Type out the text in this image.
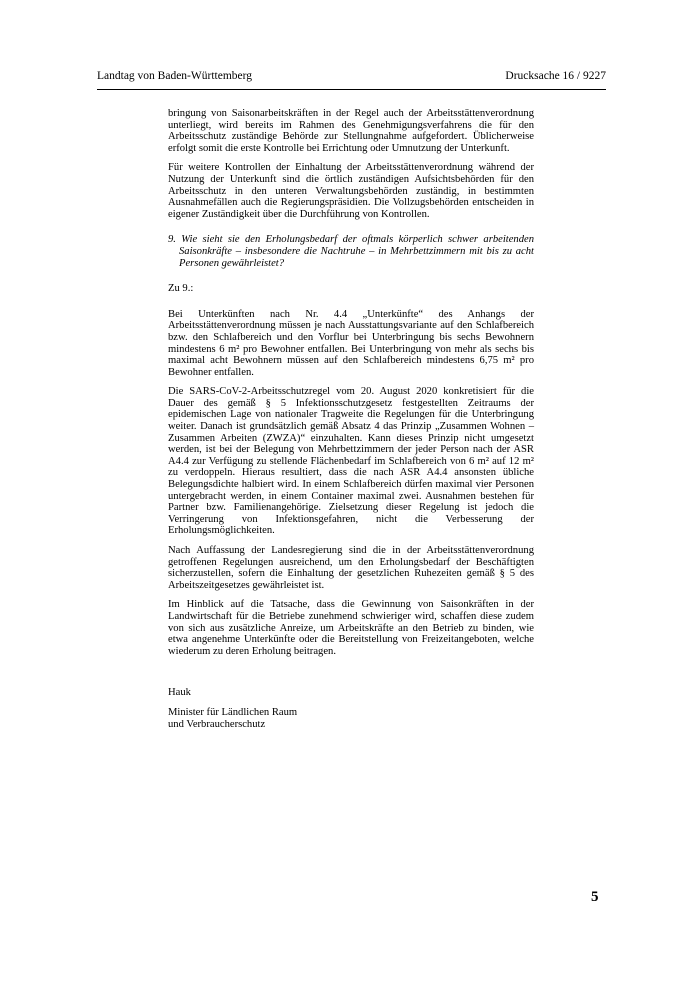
Landtag von Baden-Württemberg	Drucksache 16 / 9227

bringung von Saisonarbeitskräften in der Regel auch der Arbeitsstättenverordnung unterliegt, wird bereits im Rahmen des Genehmigungsverfahrens die für den Arbeitsschutz zuständige Behörde zur Stellungnahme aufgefordert. Üblicherweise erfolgt somit die erste Kontrolle bei Errichtung oder Umnutzung der Unterkunft.

Für weitere Kontrollen der Einhaltung der Arbeitsstättenverordnung während der Nutzung der Unterkunft sind die örtlich zuständigen Aufsichtsbehörden für den Arbeitsschutz in den unteren Verwaltungsbehörden zuständig, in bestimmten Ausnahmefällen auch die Regierungspräsidien. Die Vollzugsbehörden entscheiden in eigener Zuständigkeit über die Durchführung von Kontrollen.

9. Wie sieht sie den Erholungsbedarf der oftmals körperlich schwer arbeitenden Saisonkräfte – insbesondere die Nachtruhe – in Mehrbettzimmern mit bis zu acht Personen gewährleistet?

Zu 9.:

Bei Unterkünften nach Nr. 4.4 „Unterkünfte“ des Anhangs der Arbeitsstättenverordnung müssen je nach Ausstattungsvariante auf den Schlafbereich bzw. den Schlafbereich und den Vorflur bei Unterbringung bis sechs Bewohnern mindestens 6 m² pro Bewohner entfallen. Bei Unterbringung von mehr als sechs bis maximal acht Bewohnern müssen auf den Schlafbereich mindestens 6,75 m² pro Bewohner entfallen.

Die SARS-CoV-2-Arbeitsschutzregel vom 20. August 2020 konkretisiert für die Dauer des gemäß § 5 Infektionsschutzgesetz festgestellten Zeitraums der epidemischen Lage von nationaler Tragweite die Regelungen für die Unterbringung weiter. Danach ist grundsätzlich gemäß Absatz 4 das Prinzip „Zusammen Wohnen – Zusammen Arbeiten (ZWZA)“ einzuhalten. Kann dieses Prinzip nicht umgesetzt werden, ist bei der Belegung von Mehrbettzimmern der jeder Person nach der ASR A4.4 zur Verfügung zu stellende Flächenbedarf im Schlafbereich von 6 m² auf 12 m² zu verdoppeln. Hieraus resultiert, dass die nach ASR A4.4 ansonsten übliche Belegungsdichte halbiert wird. In einem Schlafbereich dürfen maximal vier Personen untergebracht werden, in einem Container maximal zwei. Ausnahmen bestehen für Partner bzw. Familienangehörige. Zielsetzung dieser Regelung ist jedoch die Verringerung von Infektionsgefahren, nicht die Verbesserung der Erholungsmöglichkeiten.

Nach Auffassung der Landesregierung sind die in der Arbeitsstättenverordnung getroffenen Regelungen ausreichend, um den Erholungsbedarf der Beschäftigten sicherzustellen, sofern die Einhaltung der gesetzlichen Ruhezeiten gemäß § 5 des Arbeitszeitgesetzes gewährleistet ist.

Im Hinblick auf die Tatsache, dass die Gewinnung von Saisonkräften in der Landwirtschaft für die Betriebe zunehmend schwieriger wird, schaffen diese zudem von sich aus zusätzliche Anreize, um Arbeitskräfte an den Betrieb zu binden, wie etwa angenehme Unterkünfte oder die Bereitstellung von Freizeitangeboten, welche wiederum zu deren Erholung beitragen.

Hauk

Minister für Ländlichen Raum

und Verbraucherschutz

5
